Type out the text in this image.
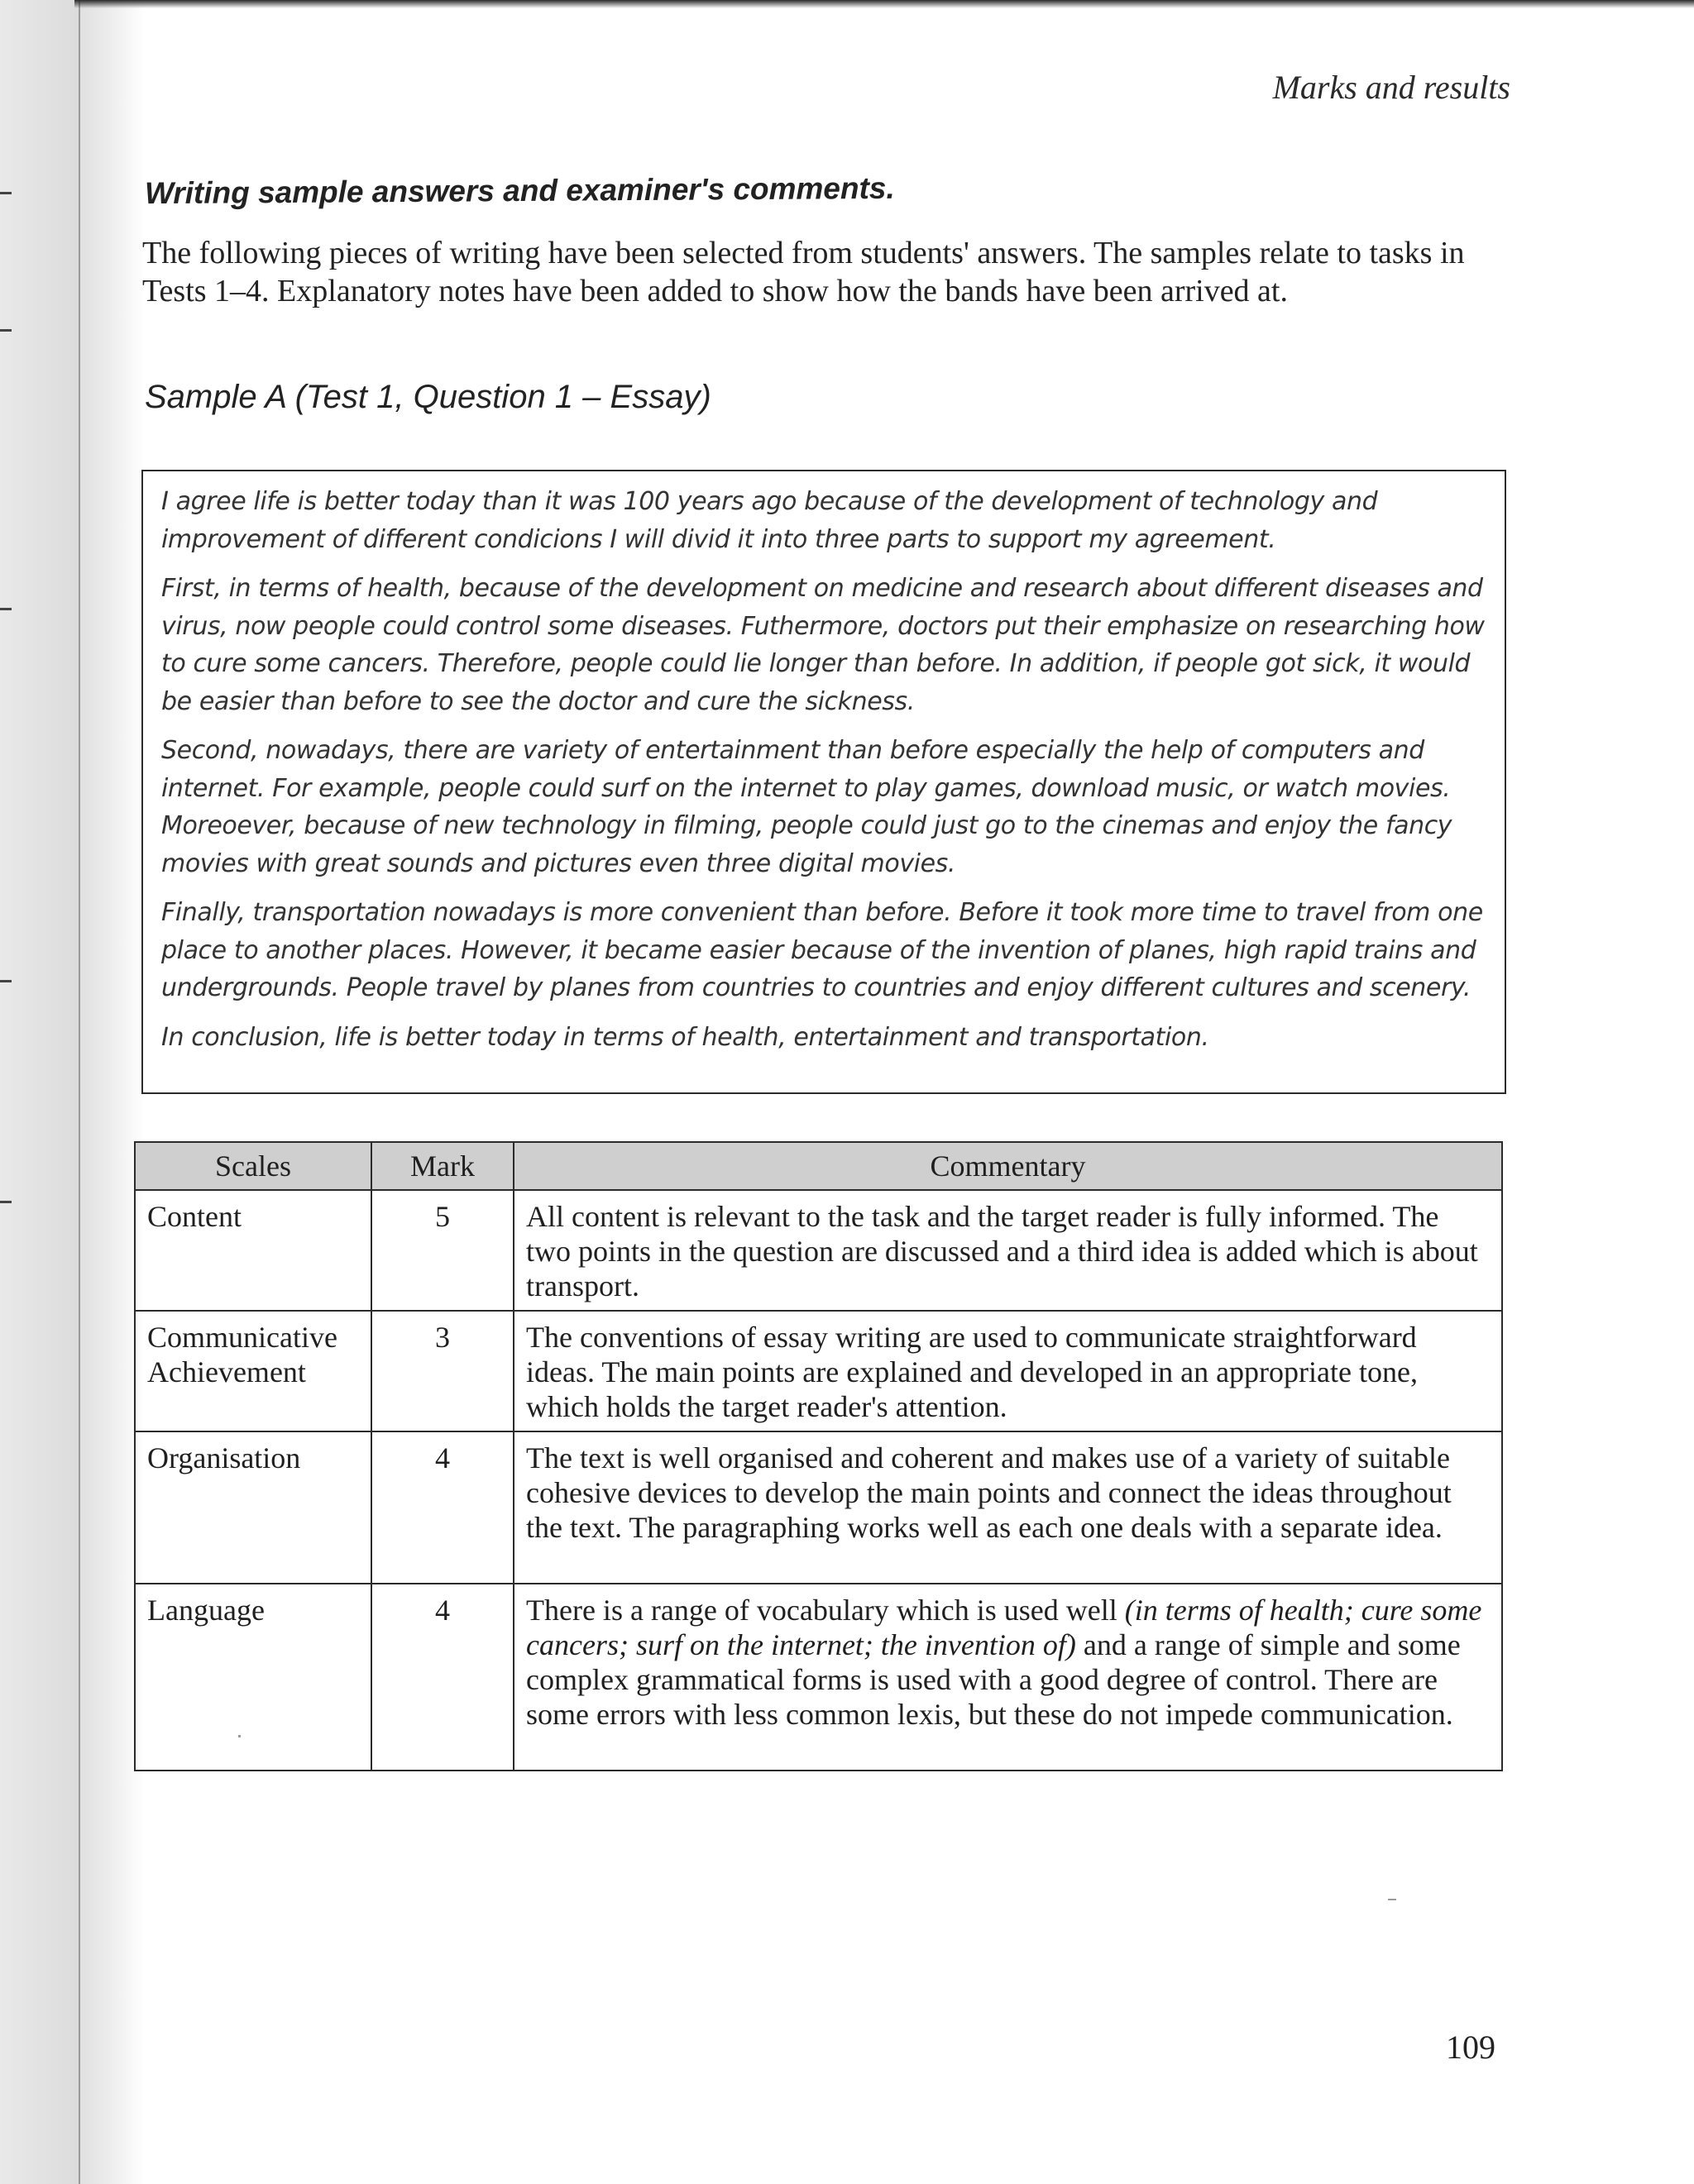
Marks and results
Writing sample answers and examiner's comments.
The following pieces of writing have been selected from students' answers. The samples relate to tasks in Tests 1–4. Explanatory notes have been added to show how the bands have been arrived at.
Sample A (Test 1, Question 1 – Essay)

I agree life is better today than it was 100 years ago because of the development of technology and improvement of different condicions I will divid it into three parts to support my agreement.

First, in terms of health, because of the development on medicine and research about different diseases and virus, now people could control some diseases. Futhermore, doctors put their emphasize on researching how to cure some cancers. Therefore, people could lie longer than before. In addition, if people got sick, it would be easier than before to see the doctor and cure the sickness.

Second, nowadays, there are variety of entertainment than before especially the help of computers and internet. For example, people could surf on the internet to play games, download music, or watch movies. Moreoever, because of new technology in filming, people could just go to the cinemas and enjoy the fancy movies with great sounds and pictures even three digital movies.

Finally, transportation nowadays is more convenient than before. Before it took more time to travel from one place to another places. However, it became easier because of the invention of planes, high rapid trains and undergrounds. People travel by planes from countries to countries and enjoy different cultures and scenery.

In conclusion, life is better today in terms of health, entertainment and transportation.

Scales	Mark	Commentary
Content	5	All content is relevant to the task and the target reader is fully informed. The two points in the question are discussed and a third idea is added which is about transport.
Communicative Achievement	3	The conventions of essay writing are used to communicate straightforward ideas. The main points are explained and developed in an appropriate tone, which holds the target reader's attention.
Organisation	4	The text is well organised and coherent and makes use of a variety of suitable cohesive devices to develop the main points and connect the ideas throughout the text. The paragraphing works well as each one deals with a separate idea.
Language	4	There is a range of vocabulary which is used well (in terms of health; cure some cancers; surf on the internet; the invention of) and a range of simple and some complex grammatical forms is used with a good degree of control. There are some errors with less common lexis, but these do not impede communication.
109
